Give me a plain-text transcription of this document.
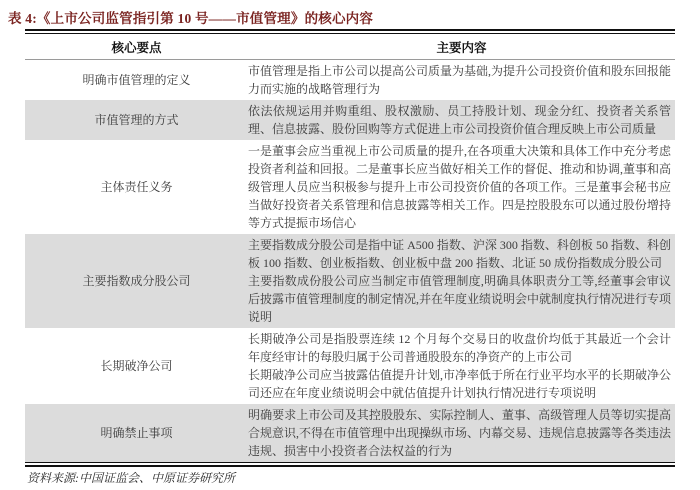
表 4:《上市公司监管指引第 10 号——市值管理》的核心内容
核心要点	主要内容
明确市值管理的定义
市值管理是指上市公司以提高公司质量为基础,为提升公司投资价值和股东回报能力而实施的战略管理行为
市值管理的方式
依法依规运用并购重组、股权激励、员工持股计划、现金分红、投资者关系管理、信息披露、股份回购等方式促进上市公司投资价值合理反映上市公司质量
主体责任义务
一是董事会应当重视上市公司质量的提升,在各项重大决策和具体工作中充分考虑投资者利益和回报。二是董事长应当做好相关工作的督促、推动和协调,董事和高级管理人员应当积极参与提升上市公司投资价值的各项工作。三是董事会秘书应当做好投资者关系管理和信息披露等相关工作。四是控股股东可以通过股份增持等方式提振市场信心
主要指数成分股公司
主要指数成分股公司是指中证 A500 指数、沪深 300 指数、科创板 50 指数、科创板 100 指数、创业板指数、创业板中盘 200 指数、北证 50 成份指数成分股公司
主要指数成份股公司应当制定市值管理制度,明确具体职责分工等,经董事会审议后披露市值管理制度的制定情况,并在年度业绩说明会中就制度执行情况进行专项说明
长期破净公司
长期破净公司是指股票连续 12 个月每个交易日的收盘价均低于其最近一个会计年度经审计的每股归属于公司普通股股东的净资产的上市公司
长期破净公司应当披露估值提升计划,市净率低于所在行业平均水平的长期破净公司还应在年度业绩说明会中就估值提升计划执行情况进行专项说明
明确禁止事项
明确要求上市公司及其控股股东、实际控制人、董事、高级管理人员等切实提高合规意识,不得在市值管理中出现操纵市场、内幕交易、违规信息披露等各类违法违规、损害中小投资者合法权益的行为
资料来源:中国证监会、中原证券研究所
